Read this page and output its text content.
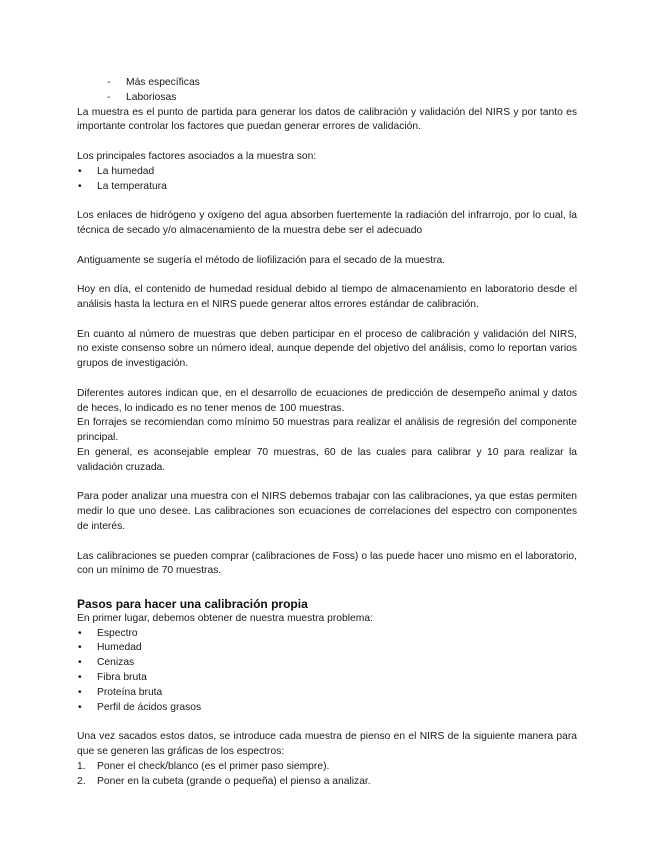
- Más específicas
- Laboriosas

La muestra es el punto de partida para generar los datos de calibración y validación del NIRS y por tanto es importante controlar los factores que puedan generar errores de validación.

Los principales factores asociados a la muestra son:

• La humedad
• La temperatura

Los enlaces de hidrógeno y oxígeno del agua absorben fuertemente la radiación del infrarrojo, por lo cual, la técnica de secado y/o almacenamiento de la muestra debe ser el adecuado

Antiguamente se sugería el método de liofilización para el secado de la muestra.

Hoy en día, el contenido de humedad residual debido al tiempo de almacenamiento en laboratorio desde el análisis hasta la lectura en el NIRS puede generar altos errores estándar de calibración.

En cuanto al número de muestras que deben participar en el proceso de calibración y validación del NIRS, no existe consenso sobre un número ideal, aunque depende del objetivo del análisis, como lo reportan varios grupos de investigación.

Diferentes autores indican que, en el desarrollo de ecuaciones de predicción de desempeño animal y datos de heces, lo indicado es no tener menos de 100 muestras.

En forrajes se recomiendan como mínimo 50 muestras para realizar el análisis de regresión del componente principal.

En general, es aconsejable emplear 70 muestras, 60 de las cuales para calibrar y 10 para realizar la validación cruzada.

Para poder analizar una muestra con el NIRS debemos trabajar con las calibraciones, ya que estas permiten medir lo que uno desee. Las calibraciones son ecuaciones de correlaciones del espectro con componentes de interés.

Las calibraciones se pueden comprar (calibraciones de Foss) o las puede hacer uno mismo en el laboratorio, con un mínimo de 70 muestras.

Pasos para hacer una calibración propia

En primer lugar, debemos obtener de nuestra muestra problema:

• Espectro
• Humedad
• Cenizas
• Fibra bruta
• Proteína bruta
• Perfil de ácidos grasos

Una vez sacados estos datos, se introduce cada muestra de pienso en el NIRS de la siguiente manera para que se generen las gráficas de los espectros:

1. Poner el check/blanco (es el primer paso siempre).
2. Poner en la cubeta (grande o pequeña) el pienso a analizar.
